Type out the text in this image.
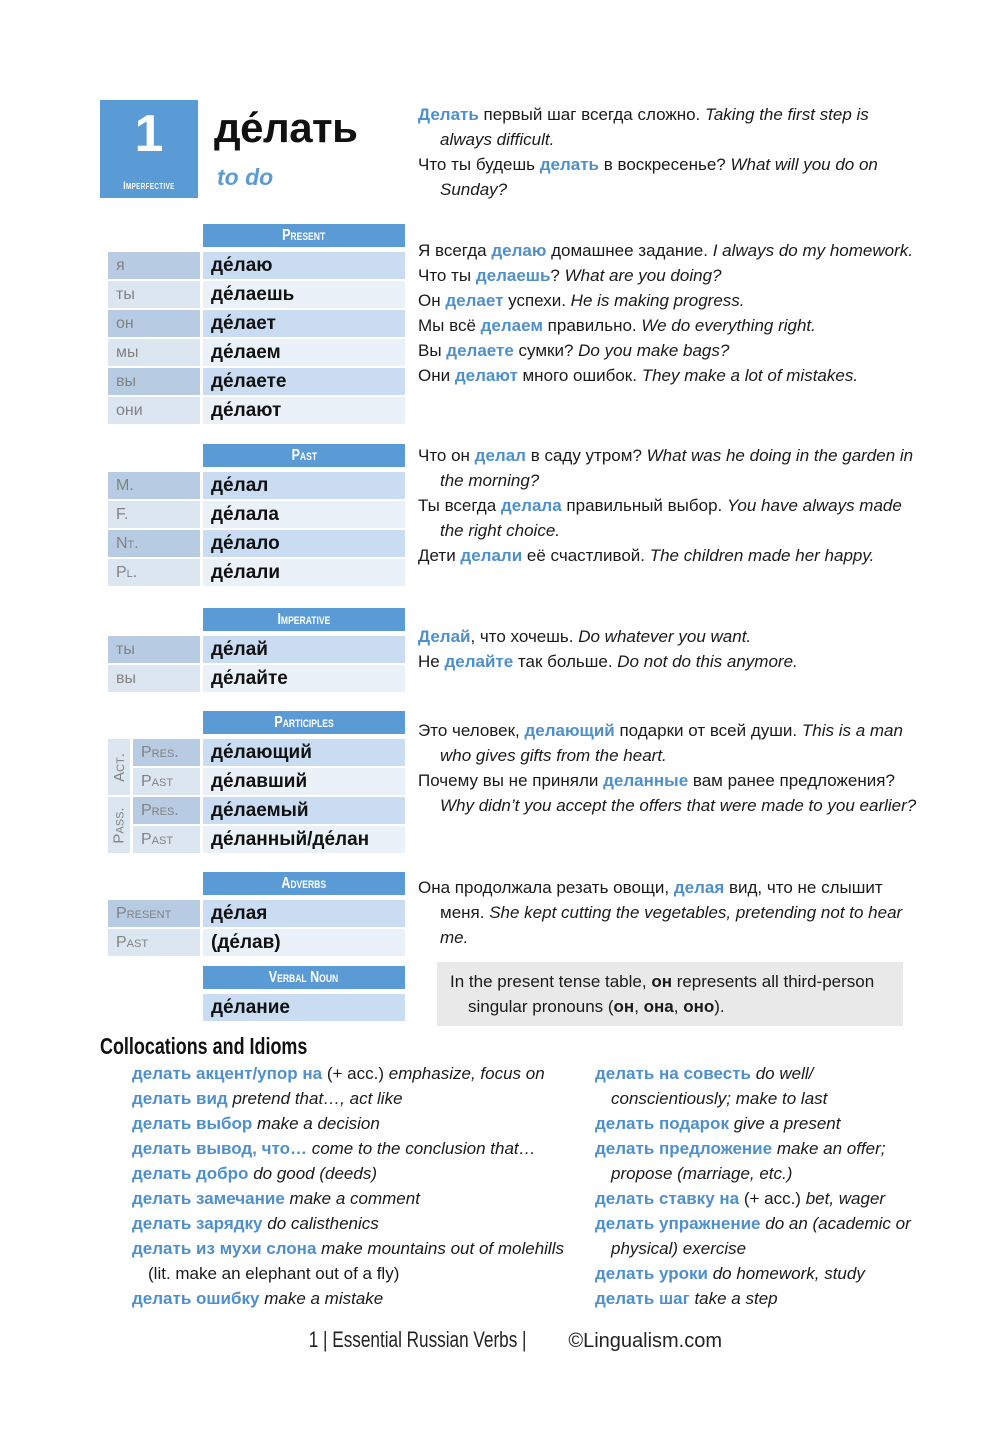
1
Imperfective
де́лать
to do
Present
я	де́лаю
ты	де́лаешь
он	де́лает
мы	де́лаем
вы	де́лаете
они	де́лают
Past
M.	де́лал
F.	де́лала
Nt.	де́лало
Pl.	де́лали
Imperative
ты	де́лай
вы	де́лайте
Participles
Act.
Pres.	де́лающий
Past	де́лавший
Pass. Pres.	де́лаемый
Past	де́ланный/де́лан
Adverbs
Present	де́лая
Past	(де́лав)
Verbal Noun
де́лание

Делать первый шаг всегда сложно. Taking the first step is always difficult.

Что ты будешь делать в воскресенье? What will you do on Sunday?

Я всегда делаю домашнее задание. I always do my homework.

Что ты делаешь? What are you doing?

Он делает успехи. He is making progress.

Мы всё делаем правильно. We do everything right.

Вы делаете сумки? Do you make bags?

Они делают много ошибок. They make a lot of mistakes.

Что он делал в саду утром? What was he doing in the garden in the morning?

Ты всегда делала правильный выбор. You have always made the right choice.

Дети делали её счастливой. The children made her happy.

Делай, что хочешь. Do whatever you want.

Не делайте так больше. Do not do this anymore.

Это человек, делающий подарки от всей души. This is a man who gives gifts from the heart.

Почему вы не приняли деланные вам ранее предложения? Why didn’t you accept the offers that were made to you earlier?

Она продолжала резать овощи, делая вид, что не слышит меня. She kept cutting the vegetables, pretending not to hear me.

In the present tense table, он represents all third-person singular pronouns (он, она, оно).
Collocations and Idioms

делать акцент/упор на (+ acc.) emphasize, focus on

делать вид pretend that…, act like

делать выбор make a decision

делать вывод, что… come to the conclusion that…

делать добро do good (deeds)

делать замечание make a comment

делать зарядку do calisthenics

делать из мухи слона make mountains out of molehills (lit. make an elephant out of a fly)

делать ошибку make a mistake

делать на совесть do well/ conscientiously; make to last

делать подарок give a present

делать предложение make an offer; propose (marriage, etc.)

делать ставку на (+ acc.) bet, wager

делать упражнение do an (academic or physical) exercise

делать уроки do homework, study

делать шаг take a step

1 | Essential Russian Verbs | ©Lingualism.com
